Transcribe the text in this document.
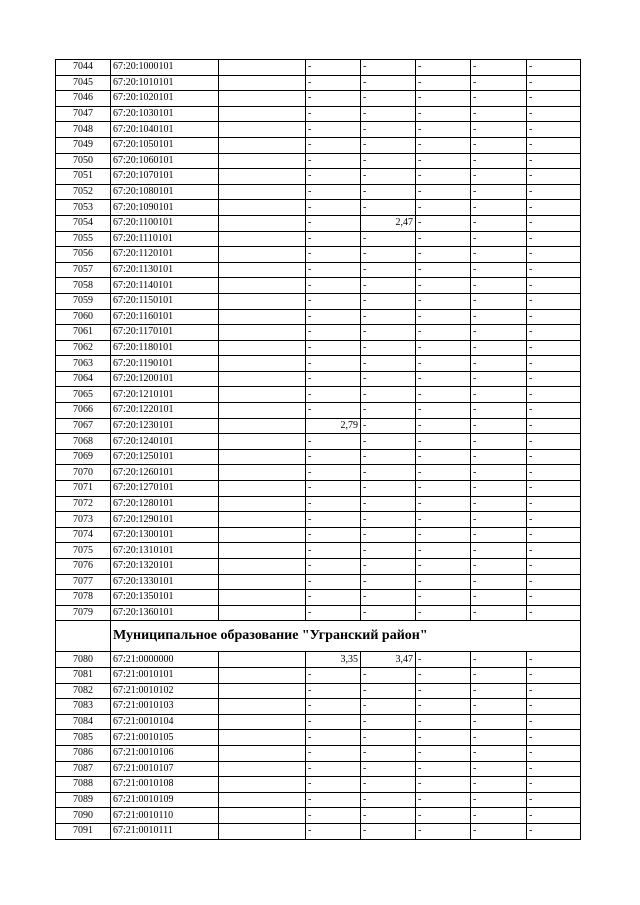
7044	67:20:1000101		-	-	-	-	-
7045	67:20:1010101		-	-	-	-	-
7046	67:20:1020101		-	-	-	-	-
7047	67:20:1030101		-	-	-	-	-
7048	67:20:1040101		-	-	-	-	-
7049	67:20:1050101		-	-	-	-	-
7050	67:20:1060101		-	-	-	-	-
7051	67:20:1070101		-	-	-	-	-
7052	67:20:1080101		-	-	-	-	-
7053	67:20:1090101		-	-	-	-	-
7054	67:20:1100101		-	2,47	-	-	-
7055	67:20:1110101		-	-	-	-	-
7056	67:20:1120101		-	-	-	-	-
7057	67:20:1130101		-	-	-	-	-
7058	67:20:1140101		-	-	-	-	-
7059	67:20:1150101		-	-	-	-	-
7060	67:20:1160101		-	-	-	-	-
7061	67:20:1170101		-	-	-	-	-
7062	67:20:1180101		-	-	-	-	-
7063	67:20:1190101		-	-	-	-	-
7064	67:20:1200101		-	-	-	-	-
7065	67:20:1210101		-	-	-	-	-
7066	67:20:1220101		-	-	-	-	-
7067	67:20:1230101		2,79	-	-	-	-
7068	67:20:1240101		-	-	-	-	-
7069	67:20:1250101		-	-	-	-	-
7070	67:20:1260101		-	-	-	-	-
7071	67:20:1270101		-	-	-	-	-
7072	67:20:1280101		-	-	-	-	-
7073	67:20:1290101		-	-	-	-	-
7074	67:20:1300101		-	-	-	-	-
7075	67:20:1310101		-	-	-	-	-
7076	67:20:1320101		-	-	-	-	-
7077	67:20:1330101		-	-	-	-	-
7078	67:20:1350101		-	-	-	-	-
7079	67:20:1360101		-	-	-	-	-
	Муниципальное образование "Угранский район"						
7080	67:21:0000000		3,35	3,47	-	-	-
7081	67:21:0010101		-	-	-	-	-
7082	67:21:0010102		-	-	-	-	-
7083	67:21:0010103		-	-	-	-	-
7084	67:21:0010104		-	-	-	-	-
7085	67:21:0010105		-	-	-	-	-
7086	67:21:0010106		-	-	-	-	-
7087	67:21:0010107		-	-	-	-	-
7088	67:21:0010108		-	-	-	-	-
7089	67:21:0010109		-	-	-	-	-
7090	67:21:0010110		-	-	-	-	-
7091	67:21:0010111		-	-	-	-	-
